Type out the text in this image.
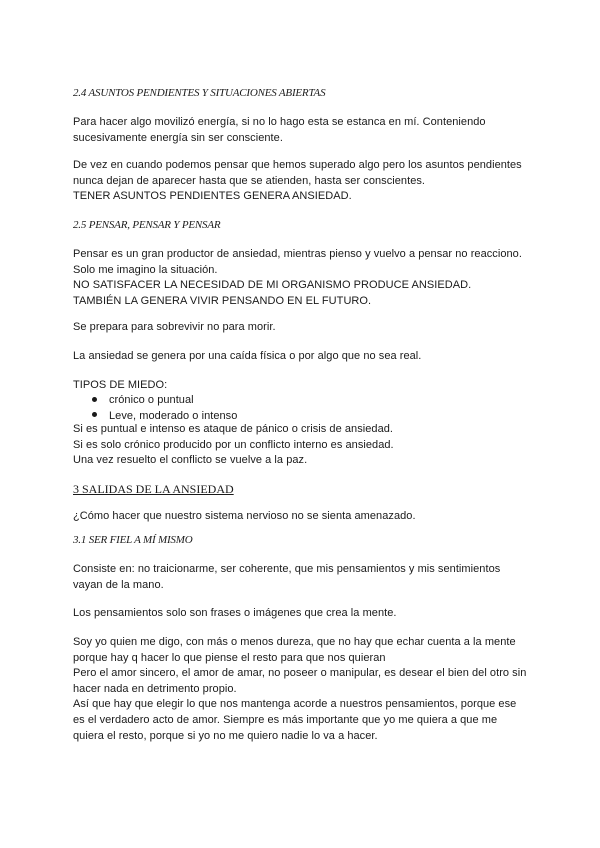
2.4 ASUNTOS PENDIENTES Y SITUACIONES ABIERTAS
Para hacer algo movilizó energía, si no lo hago esta se estanca en mí. Conteniendo
sucesivamente energía sin ser consciente.
De vez en cuando podemos pensar que hemos superado algo pero los asuntos pendientes
nunca dejan de aparecer hasta que se atienden, hasta ser conscientes.
TENER ASUNTOS PENDIENTES GENERA ANSIEDAD.
2.5 PENSAR, PENSAR Y PENSAR
Pensar es un gran productor de ansiedad, mientras pienso y vuelvo a pensar no reacciono.
Solo me imagino la situación.
NO SATISFACER LA NECESIDAD DE MI ORGANISMO PRODUCE ANSIEDAD.
TAMBIÉN LA GENERA VIVIR PENSANDO EN EL FUTURO.
Se prepara para sobrevivir no para morir.
La ansiedad se genera por una caída física o por algo que no sea real.
TIPOS DE MIEDO:
crónico o puntual
Leve, moderado o intenso
Si es puntual e intenso es ataque de pánico o crisis de ansiedad.
Si es solo crónico producido por un conflicto interno es ansiedad.
Una vez resuelto el conflicto se vuelve a la paz.
3 SALIDAS DE LA ANSIEDAD
¿Cómo hacer que nuestro sistema nervioso no se sienta amenazado.
3.1 SER FIEL A MÍ MISMO
Consiste en: no traicionarme, ser coherente, que mis pensamientos y mis sentimientos
vayan de la mano.
Los pensamientos solo son frases o imágenes que crea la mente.
Soy yo quien me digo, con más o menos dureza, que no hay que echar cuenta a la mente
porque hay q hacer lo que piense el resto para que nos quieran
Pero el amor sincero, el amor de amar, no poseer o manipular, es desear el bien del otro sin
hacer nada en detrimento propio.
Así que hay que elegir lo que nos mantenga acorde a nuestros pensamientos, porque ese
es el verdadero acto de amor. Siempre es más importante que yo me quiera a que me
quiera el resto, porque si yo no me quiero nadie lo va a hacer.
